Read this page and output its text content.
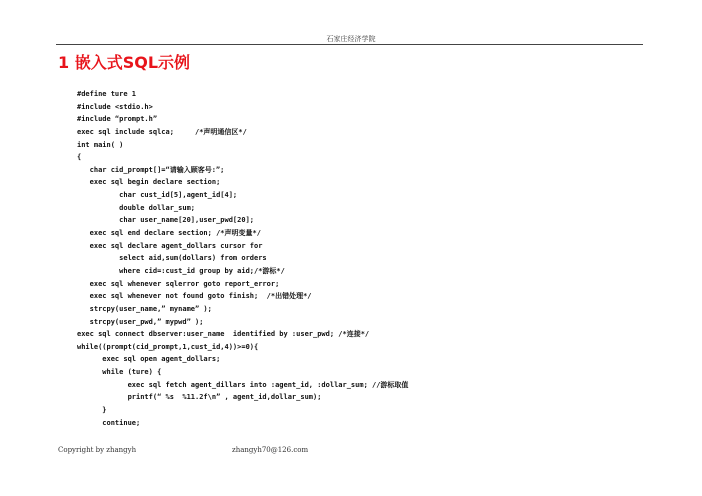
石家庄经济学院
1 嵌入式SQL示例
#define ture 1
#include <stdio.h>
#include “prompt.h”
exec sql include sqlca;     /*声明通信区*/
int main( )
{
char cid_prompt[]=“请输入顾客号:”;
exec sql begin declare section;
char cust_id[5],agent_id[4];
double dollar_sum;
char user_name[20],user_pwd[20];
exec sql end declare section; /*声明变量*/
exec sql declare agent_dollars cursor for
select aid,sum(dollars) from orders
where cid=:cust_id group by aid;/*游标*/
exec sql whenever sqlerror goto report_error;
exec sql whenever not found goto finish;  /*出错处理*/
strcpy(user_name,” myname” );
strcpy(user_pwd,” mypwd” );
exec sql connect dbserver:user_name  identified by :user_pwd; /*连接*/
while((prompt(cid_prompt,1,cust_id,4))>=0){
exec sql open agent_dollars;
while (ture) {
exec sql fetch agent_dillars into :agent_id, :dollar_sum; //游标取值
printf(“ %s  %11.2f\n” , agent_id,dollar_sum);
}
continue;
Copyright by zhangyh	zhangyh70@126.com
